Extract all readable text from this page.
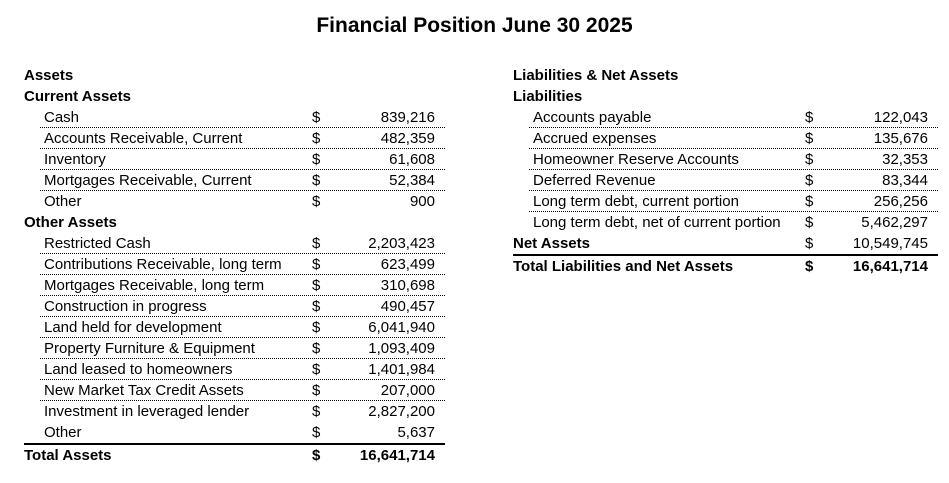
Financial Position June 30 2025
Assets
Current Assets
Cash	$	839,216
Accounts Receivable, Current	$	482,359
Inventory	$	61,608
Mortgages Receivable, Current	$	52,384
Other	$	900
Other Assets
Restricted Cash	$	2,203,423
Contributions Receivable, long term	$	623,499
Mortgages Receivable, long term	$	310,698
Construction in progress	$	490,457
Land held for development	$	6,041,940
Property Furniture & Equipment	$	1,093,409
Land leased to homeowners	$	1,401,984
New Market Tax Credit Assets	$	207,000
Investment in leveraged lender	$	2,827,200
Other	$	5,637
Total Assets	$	16,641,714
Liabilities & Net Assets
Liabilities
Accounts payable	$	122,043
Accrued expenses	$	135,676
Homeowner Reserve Accounts	$	32,353
Deferred Revenue	$	83,344
Long term debt, current portion	$	256,256
Long term debt, net of current portion	$	5,462,297
Net Assets	$	10,549,745
Total Liabilities and Net Assets	$	16,641,714
